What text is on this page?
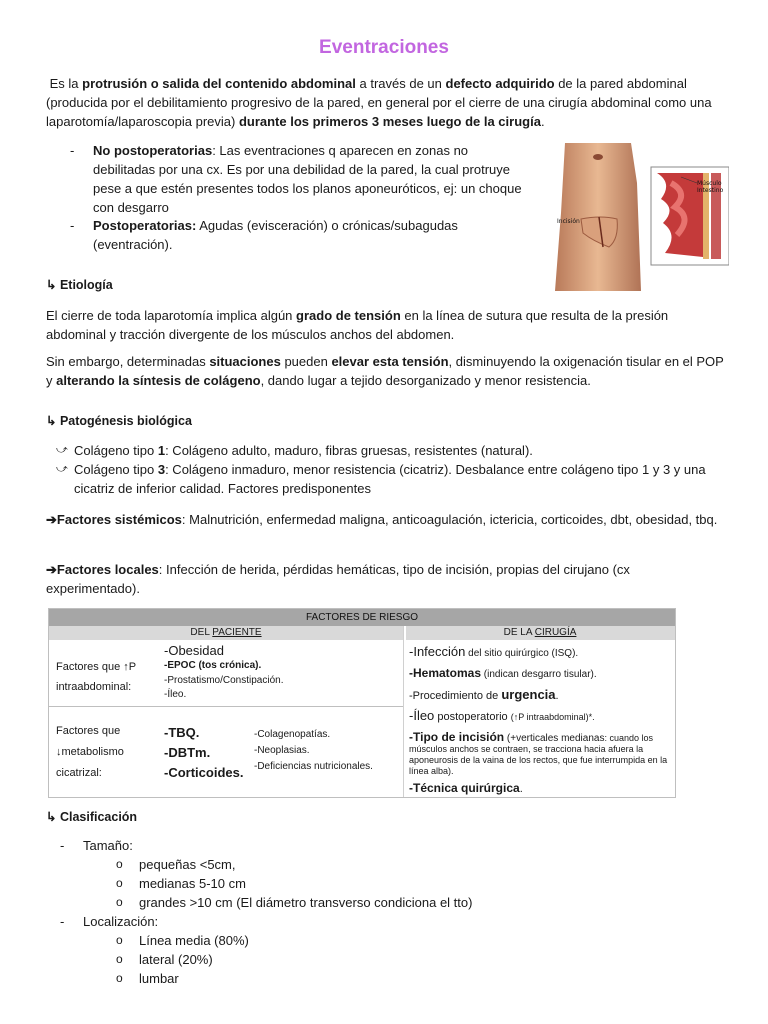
Eventraciones
Es la protrusión o salida del contenido abdominal a través de un defecto adquirido de la pared abdominal (producida por el debilitamiento progresivo de la pared, en general por el cierre de una cirugía abdominal como una laparotomía/laparoscopia previa) durante los primeros 3 meses luego de la cirugía.
- No postoperatorias: Las eventraciones q aparecen en zonas no debilitadas por una cx. Es por una debilidad de la pared, la cual protruye pese a que estén presentes todos los planos aponeuróticos, ej: un choque con desgarro
- Postoperatorias: Agudas (evisceración) o crónicas/subagudas (eventración).
Incisión
Músculo
Intestino
↳ Etiología
El cierre de toda laparotomía implica algún grado de tensión en la línea de sutura que resulta de la presión abdominal y tracción divergente de los músculos anchos del abdomen.
Sin embargo, determinadas situaciones pueden elevar esta tensión, disminuyendo la oxigenación tisular en el POP y alterando la síntesis de colágeno, dando lugar a tejido desorganizado y menor resistencia.
↳ Patogénesis biológica
⤻ Colágeno tipo 1: Colágeno adulto, maduro, fibras gruesas, resistentes (natural).
⤻ Colágeno tipo 3: Colágeno inmaduro, menor resistencia (cicatriz). Desbalance entre colágeno tipo 1 y 3 y una cicatriz de inferior calidad. Factores predisponentes
➔Factores sistémicos: Malnutrición, enfermedad maligna, anticoagulación, ictericia, corticoides, dbt, obesidad, tbq.
➔Factores locales: Infección de herida, pérdidas hemáticas, tipo de incisión, propias del cirujano (cx experimentado).
FACTORES DE RIESGO
DEL PACIENTE	DE LA CIRUGÍA
Factores que ↑P
intraabdominal:
-Obesidad
-EPOC (tos crónica).
-Prostatismo/Constipación.
-Íleo.
Factores que
↓metabolismo
cicatrizal:
-TBQ.
-DBTm.
-Corticoides.
-Colagenopatías.
-Neoplasias.
-Deficiencias nutricionales.
-Infección del sitio quirúrgico (ISQ).
-Hematomas (indican desgarro tisular).
-Procedimiento de urgencia.
-Íleo postoperatorio (↑P intraabdominal)*.
-Tipo de incisión (+verticales medianas: cuando los músculos anchos se contraen, se tracciona hacia afuera la aponeurosis de la vaina de los rectos, que fue interrumpida en la línea alba).
-Técnica quirúrgica.
↳ Clasificación
- Tamaño:
o pequeñas <5cm,
o medianas 5-10 cm
o grandes >10 cm (El diámetro transverso condiciona el tto)
- Localización:
o Línea media (80%)
o lateral (20%)
o lumbar
